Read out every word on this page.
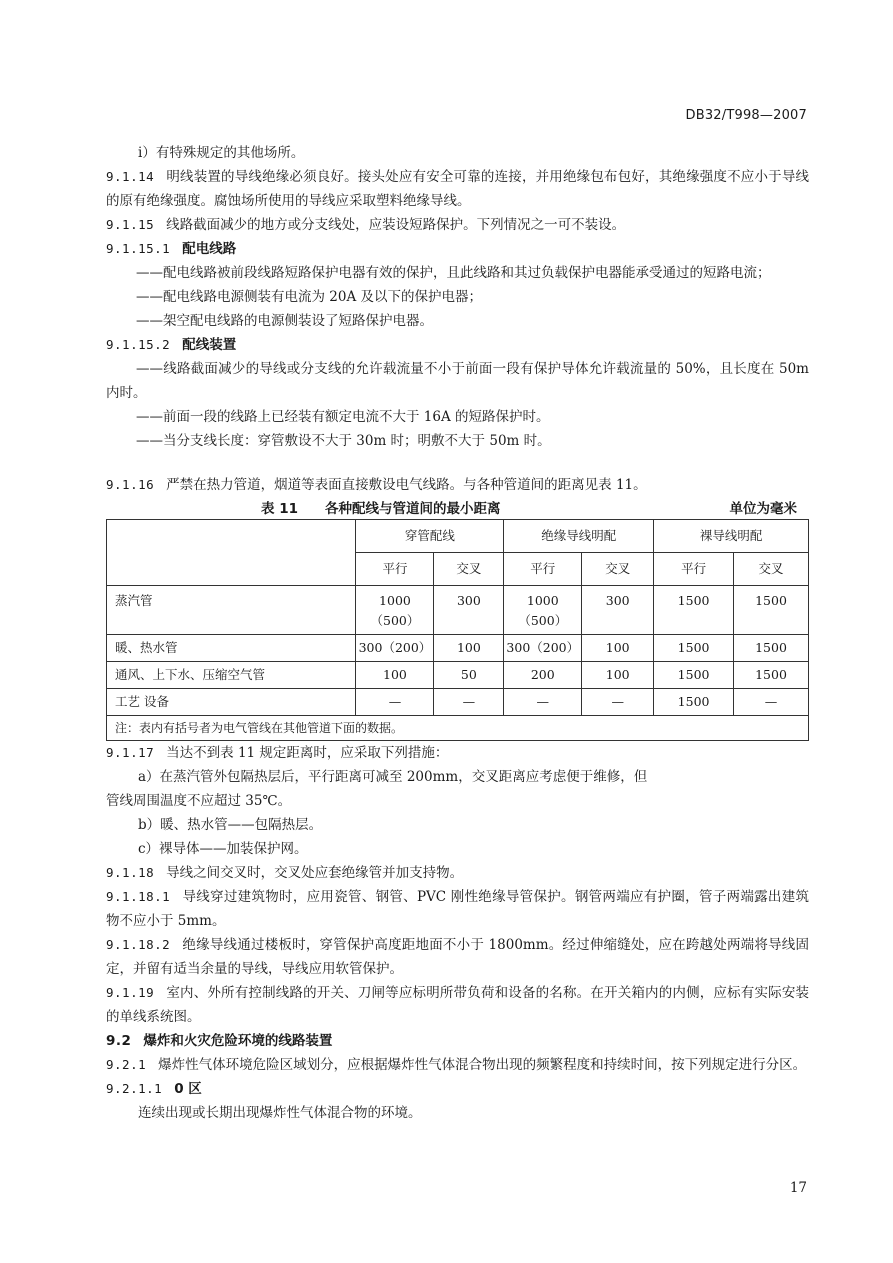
DB32/T998—2007

i）有特殊规定的其他场所。

9.1.14 明线装置的导线绝缘必须良好。接头处应有安全可靠的连接，并用绝缘包布包好，其绝缘强度不应小于导线的原有绝缘强度。腐蚀场所使用的导线应采取塑料绝缘导线。

9.1.15 线路截面减少的地方或分支线处，应装设短路保护。下列情况之一可不装设。

9.1.15.1 配电线路

——配电线路被前段线路短路保护电器有效的保护，且此线路和其过负载保护电器能承受通过的短路电流；

——配电线路电源侧装有电流为 20A 及以下的保护电器；

——架空配电线路的电源侧装设了短路保护电器。

9.1.15.2 配线装置

——线路截面减少的导线或分支线的允许载流量不小于前面一段有保护导体允许载流量的 50%，且长度在 50m 内时。

——前面一段的线路上已经装有额定电流不大于 16A 的短路保护时。

——当分支线长度：穿管敷设不大于 30m 时；明敷不大于 50m 时。

9.1.16 严禁在热力管道，烟道等表面直接敷设电气线路。与各种管道间的距离见表 11。

表 11　　各种配线与管道间的最小距离	单位为毫米
	穿管配线		绝缘导线明配		裸导线明配	
	平行	交叉	平行	交叉	平行	交叉
蒸汽管	1000（500）	300	1000（500）	300	1500	1500
暖、热水管	300（200）	100	300（200）	100	1500	1500
通风、上下水、压缩空气管	100	50	200	100	1500	1500
工艺 设备	—	—	—	—	1500	—
注：表内有括号者为电气管线在其他管道下面的数据。						

9.1.17 当达不到表 11 规定距离时，应采取下列措施：

a）在蒸汽管外包隔热层后，平行距离可减至 200mm，交叉距离应考虑便于维修，但

管线周围温度不应超过 35℃。

b）暖、热水管——包隔热层。

c）裸导体——加装保护网。

9.1.18 导线之间交叉时，交叉处应套绝缘管并加支持物。

9.1.18.1 导线穿过建筑物时，应用瓷管、钢管、PVC 刚性绝缘导管保护。钢管两端应有护圈，管子两端露出建筑物不应小于 5mm。

9.1.18.2 绝缘导线通过楼板时，穿管保护高度距地面不小于 1800mm。经过伸缩缝处，应在跨越处两端将导线固定，并留有适当余量的导线，导线应用软管保护。

9.1.19 室内、外所有控制线路的开关、刀闸等应标明所带负荷和设备的名称。在开关箱内的内侧，应标有实际安装的单线系统图。

9.2 爆炸和火灾危险环境的线路装置

9.2.1 爆炸性气体环境危险区域划分，应根据爆炸性气体混合物出现的频繁程度和持续时间，按下列规定进行分区。

9.2.1.1 0 区

连续出现或长期出现爆炸性气体混合物的环境。

17
